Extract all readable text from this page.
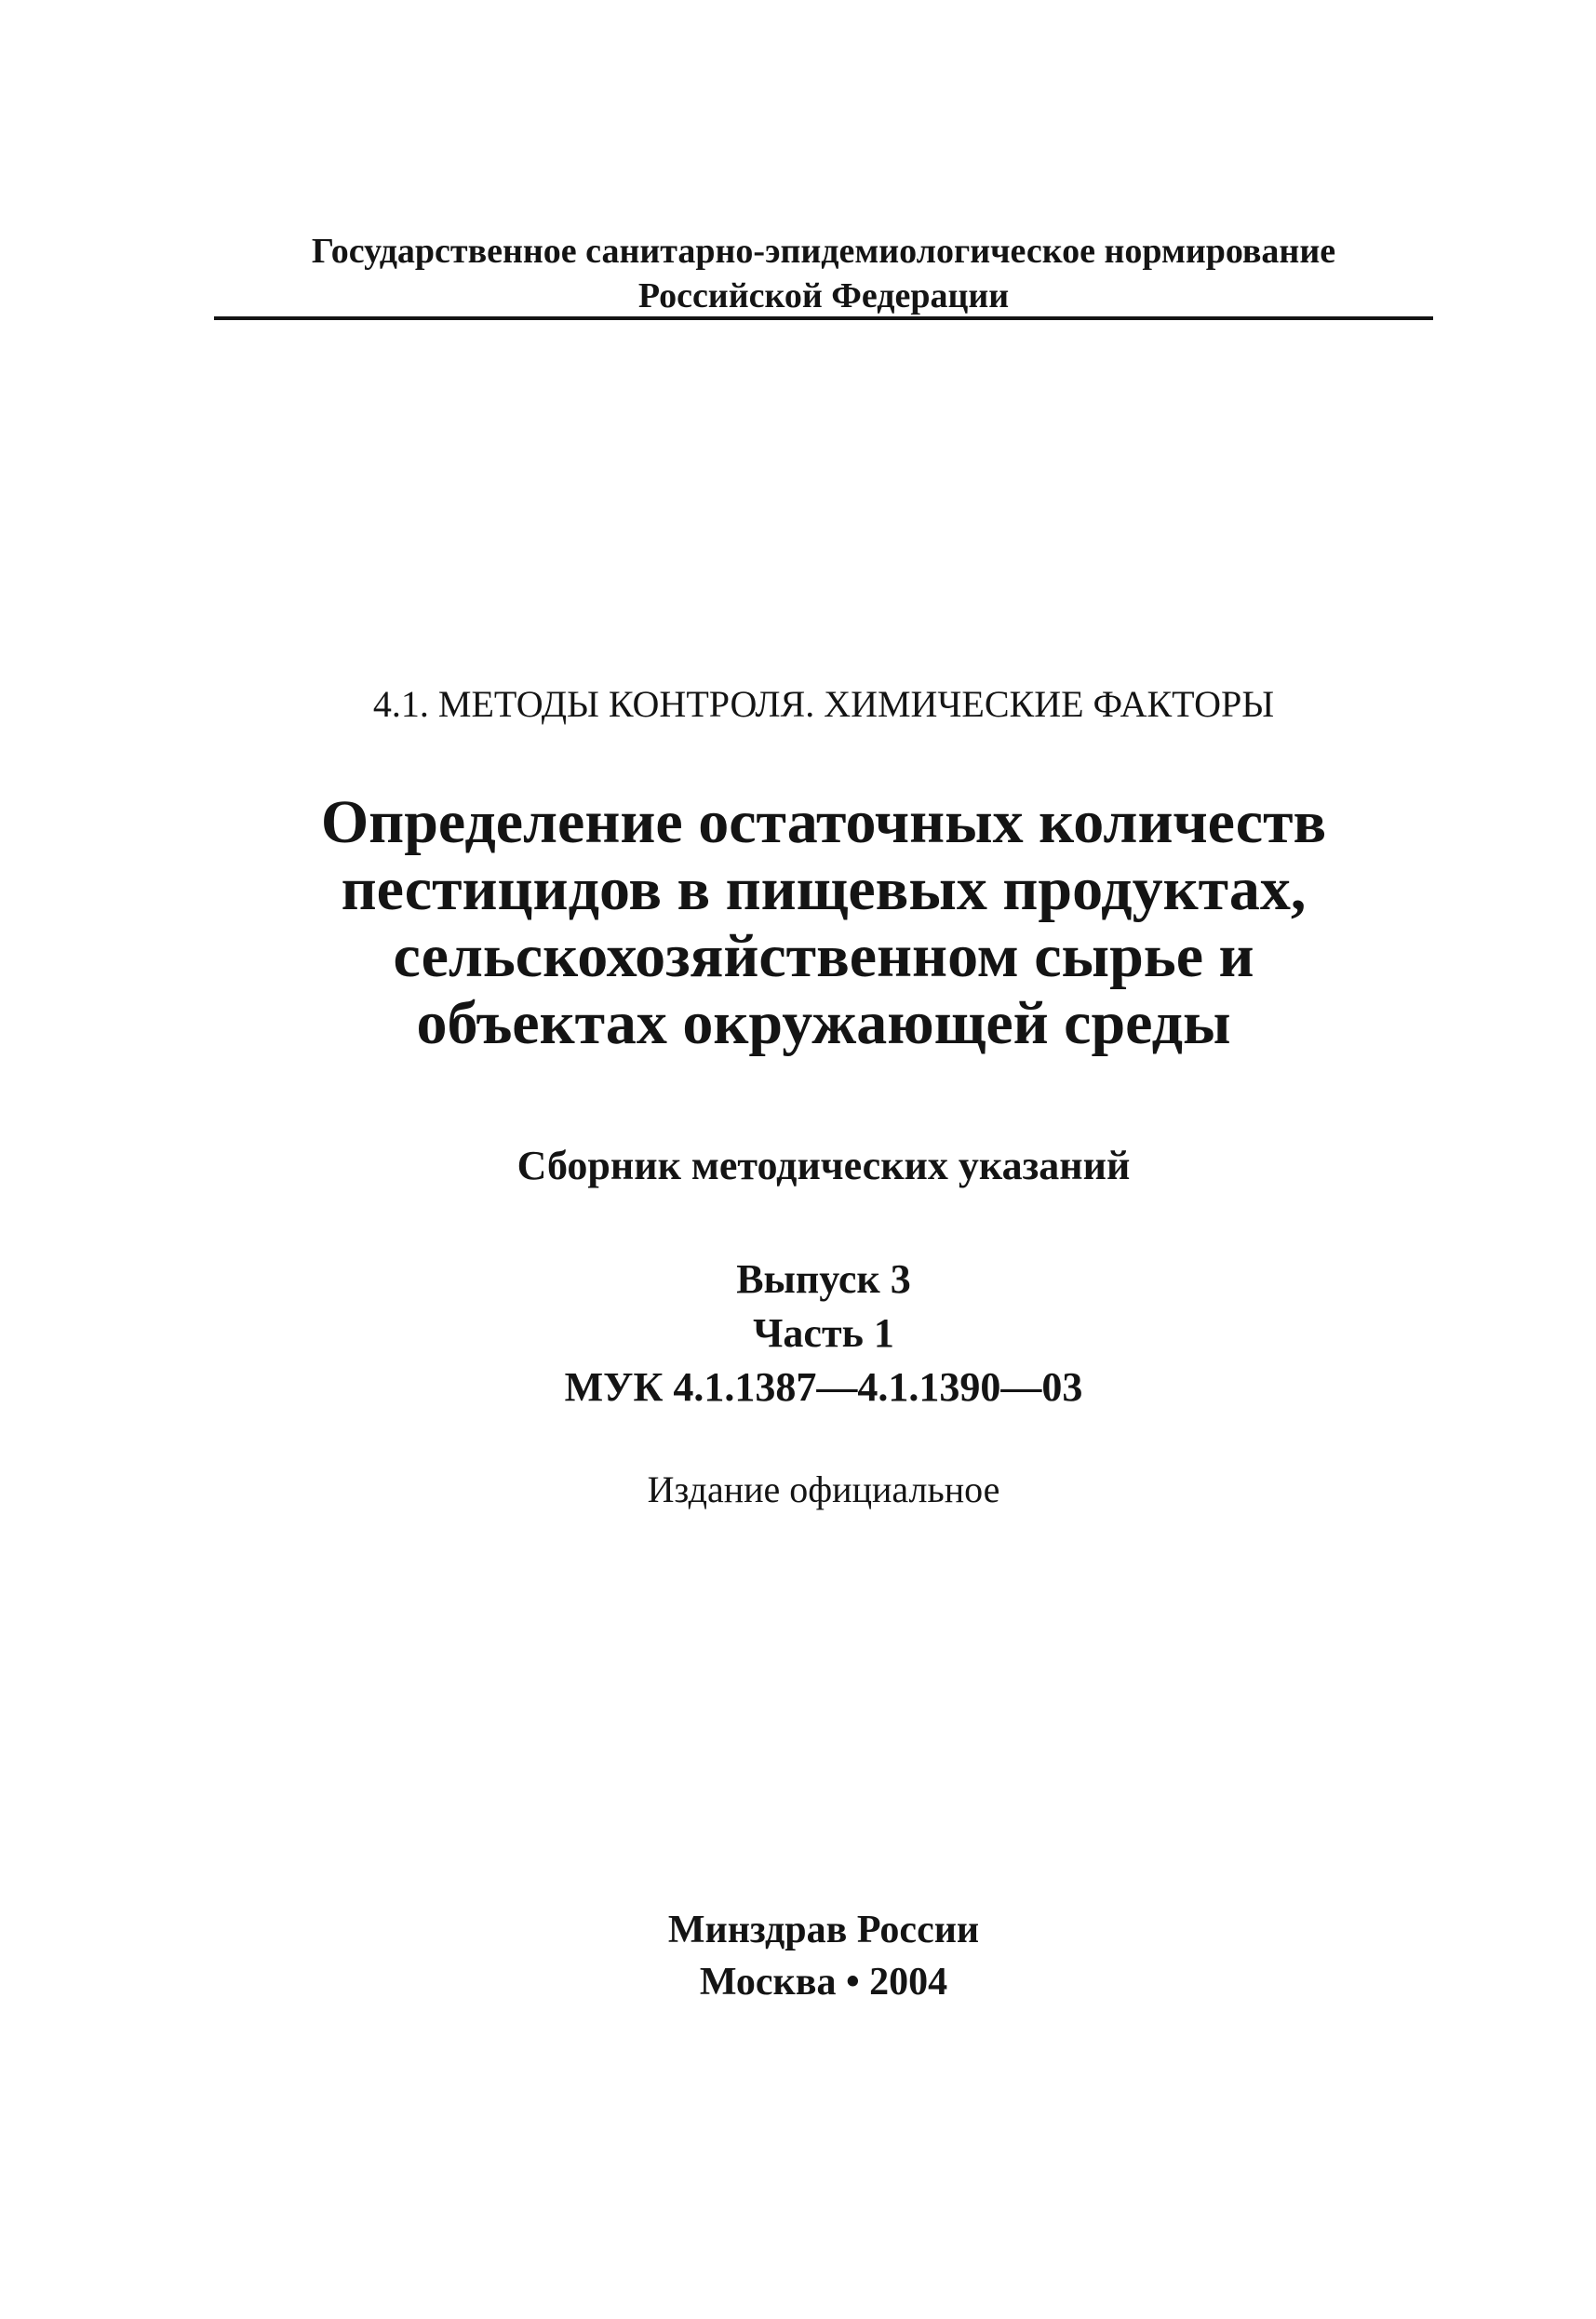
Государственное санитарно-эпидемиологическое нормирование
Российской Федерации
4.1. МЕТОДЫ КОНТРОЛЯ. ХИМИЧЕСКИЕ ФАКТОРЫ
Определение остаточных количеств
пестицидов в пищевых продуктах,
сельскохозяйственном сырье и
объектах окружающей среды
Сборник методических указаний
Выпуск 3
Часть 1
МУК 4.1.1387—4.1.1390—03
Издание официальное
Минздрав России
Москва • 2004
